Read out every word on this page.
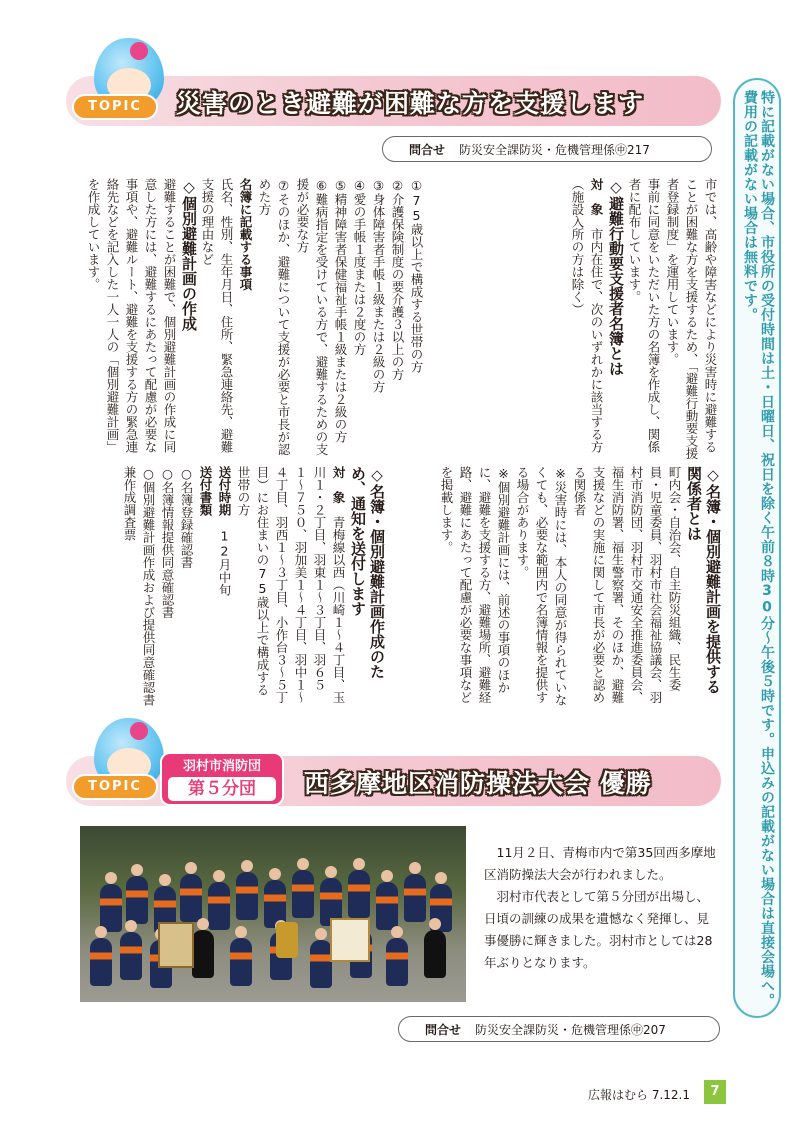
特に記載がない場合、市役所の受付時間は土・日曜日、祝日を除く午前８時30分〜午後５時です。申込みの記載がない場合は直接会場へ。費用の記載がない場合は無料です。
TOPIC	災害のとき避難が困難な方を支援します
問合せ 防災安全課防災・危機管理係㊥217

市では、高齢や障害などにより災害時に避難することが困難な方を支援するため、「避難行動要支援者登録制度」を運用しています。

事前に同意をいただいた方の名簿を作成し、関係者に配布しています。

◇避難行動要支援者名簿とは

対　象　市内在住で、次のいずれかに該当する方（施設入所の方は除く）

①75歳以上で構成する世帯の方

②介護保険制度の要介護３以上の方

③身体障害者手帳１級または２級の方

④愛の手帳１度または２度の方

⑤精神障害者保健福祉手帳１級または２級の方

⑥難病指定を受けている方で、避難するための支援が必要な方

⑦そのほか、避難について支援が必要と市長が認めた方

名簿に記載する事項

氏名、性別、生年月日、住所、緊急連絡先、避難支援の理由など

◇個別避難計画の作成

避難することが困難で、個別避難計画の作成に同意した方には、避難するにあたって配慮が必要な事項や、避難ルート、避難を支援する方の緊急連絡先などを記入した一人一人の「個別避難計画」を作成しています。

◇名簿・個別避難計画を提供する関係者とは

町内会・自治会、自主防災組織、民生委員・児童委員、羽村市社会福祉協議会、羽村市消防団、羽村市交通安全推進委員会、福生消防署、福生警察署、そのほか、避難支援などの実施に関して市長が必要と認める関係者

※災害時には、本人の同意が得られていなくても、必要な範囲内で名簿情報を提供する場合があります。

※個別避難計画には、前述の事項のほかに、避難を支援する方、避難場所、避難経路、避難にあたって配慮が必要な事項などを掲載します。

◇名簿・個別避難計画作成のため、通知を送付します

対　象　青梅線以西（川崎１〜４丁目、玉川１・２丁目、羽東１〜３丁目、羽６５１〜７５０、羽加美１〜４丁目、羽中１〜４丁目、羽西１〜３丁目、小作台３〜５丁目）にお住まいの75歳以上で構成する世帯の方

送付時期　12月中旬

送付書類

○名簿登録確認書

○名簿情報提供同意確認書

○個別避難計画作成および提供同意確認書兼作成調査票

TOPIC
羽村市消防団
第５分団	西多摩地区消防操法大会 優勝

11月２日、青梅市内で第35回西多摩地区消防操法大会が行われました。

羽村市代表として第５分団が出場し、日頃の訓練の成果を遺憾なく発揮し、見事優勝に輝きました。羽村市としては28年ぶりとなります。

問合せ 防災安全課防災・危機管理係㊥207
広報はむら 7.12.1	7
